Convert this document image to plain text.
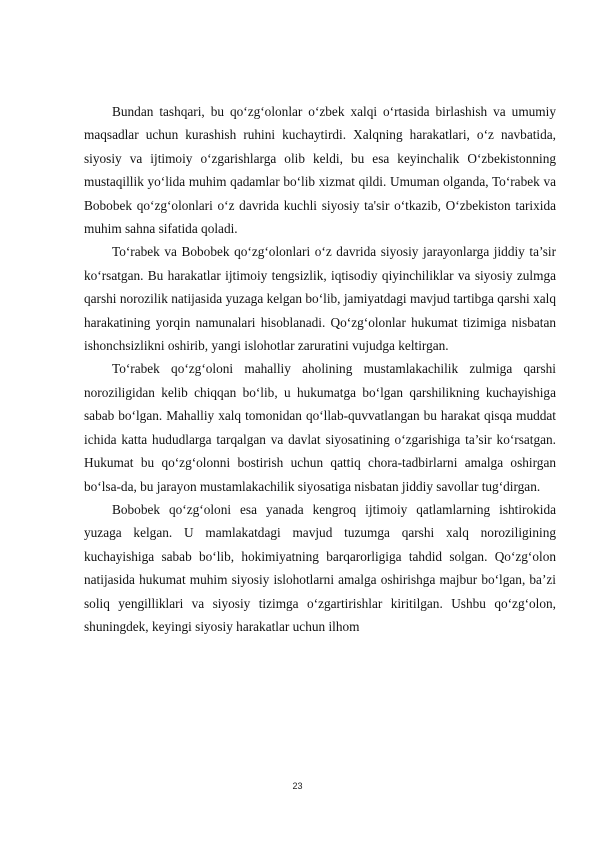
Bundan tashqari, bu qo‘zg‘olonlar o‘zbek xalqi o‘rtasida birlashish va umumiy maqsadlar uchun kurashish ruhini kuchaytirdi. Xalqning harakatlari, o‘z navbatida, siyosiy va ijtimoiy o‘zgarishlarga olib keldi, bu esa keyinchalik O‘zbekistonning mustaqillik yo‘lida muhim qadamlar bo‘lib xizmat qildi. Umuman olganda, To‘rabek va Bobobek qo‘zg‘olonlari o‘z davrida kuchli siyosiy ta'sir o‘tkazib, O‘zbekiston tarixida muhim sahna sifatida qoladi.

To‘rabek va Bobobek qo‘zg‘olonlari o‘z davrida siyosiy jarayonlarga jiddiy ta’sir ko‘rsatgan. Bu harakatlar ijtimoiy tengsizlik, iqtisodiy qiyinchiliklar va siyosiy zulmga qarshi norozilik natijasida yuzaga kelgan bo‘lib, jamiyatdagi mavjud tartibga qarshi xalq harakatining yorqin namunalari hisoblanadi. Qo‘zg‘olonlar hukumat tizimiga nisbatan ishonchsizlikni oshirib, yangi islohotlar zaruratini vujudga keltirgan.

To‘rabek qo‘zg‘oloni mahalliy aholining mustamlakachilik zulmiga qarshi noroziligidan kelib chiqqan bo‘lib, u hukumatga bo‘lgan qarshilikning kuchayishiga sabab bo‘lgan. Mahalliy xalq tomonidan qo‘llab-quvvatlangan bu harakat qisqa muddat ichida katta hududlarga tarqalgan va davlat siyosatining o‘zgarishiga ta’sir ko‘rsatgan. Hukumat bu qo‘zg‘olonni bostirish uchun qattiq chora-tadbirlarni amalga oshirgan bo‘lsa-da, bu jarayon mustamlakachilik siyosatiga nisbatan jiddiy savollar tug‘dirgan.

Bobobek qo‘zg‘oloni esa yanada kengroq ijtimoiy qatlamlarning ishtirokida yuzaga kelgan. U mamlakatdagi mavjud tuzumga qarshi xalq noroziligining kuchayishiga sabab bo‘lib, hokimiyatning barqarorligiga tahdid solgan. Qo‘zg‘olon natijasida hukumat muhim siyosiy islohotlarni amalga oshirishga majbur bo‘lgan, ba’zi soliq yengilliklari va siyosiy tizimga o‘zgartirishlar kiritilgan. Ushbu qo‘zg‘olon, shuningdek, keyingi siyosiy harakatlar uchun ilhom

23
